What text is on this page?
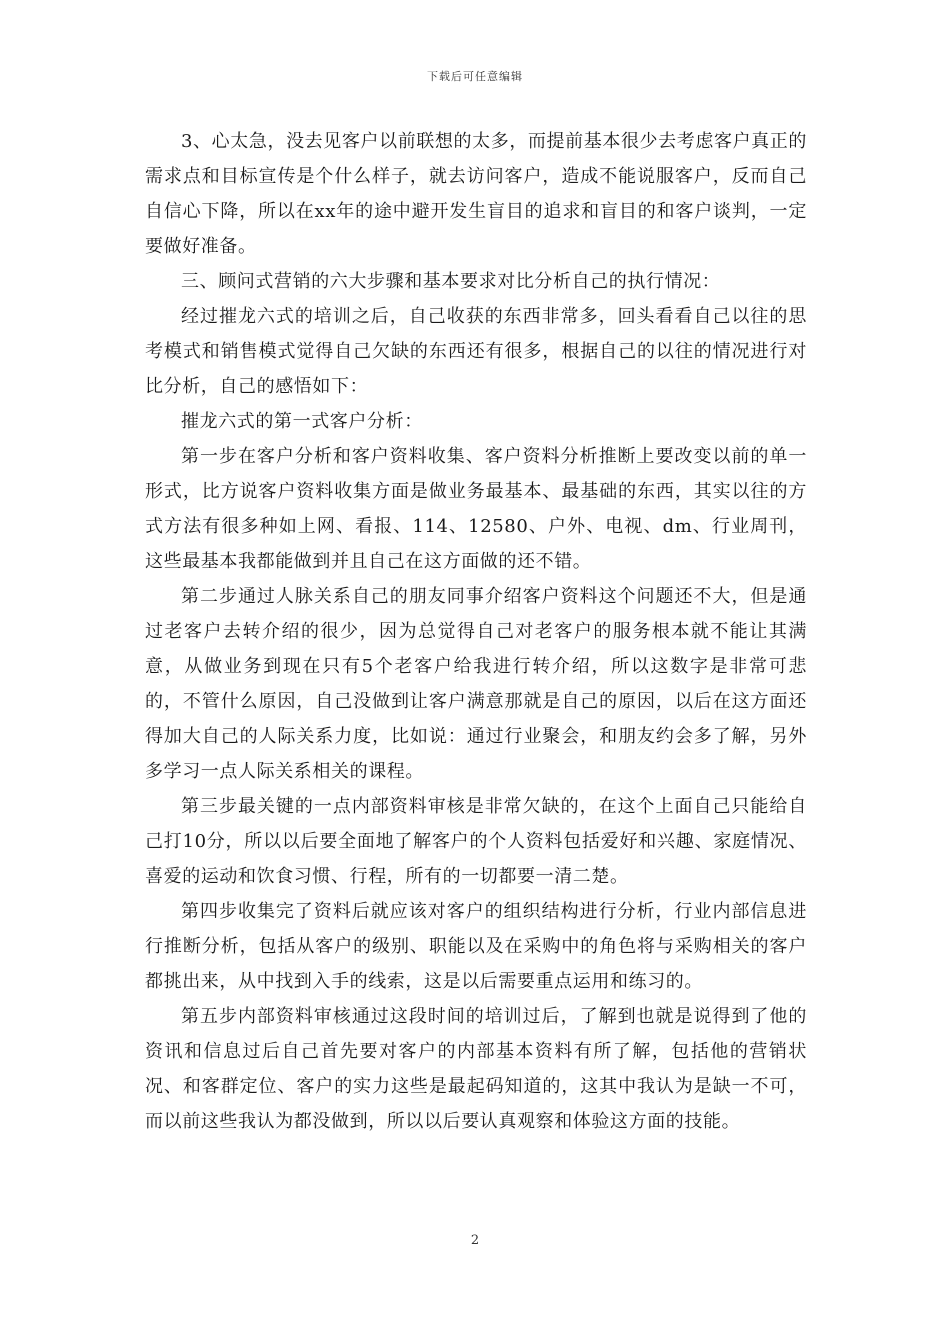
下载后可任意编辑

3、心太急，没去见客户以前联想的太多，而提前基本很少去考虑客户真正的需求点和目标宣传是个什么样子，就去访问客户，造成不能说服客户，反而自己自信心下降，所以在xx年的途中避开发生盲目的追求和盲目的和客户谈判，一定要做好准备。

三、顾问式营销的六大步骤和基本要求对比分析自己的执行情况：

经过摧龙六式的培训之后，自己收获的东西非常多，回头看看自己以往的思考模式和销售模式觉得自己欠缺的东西还有很多，根据自己的以往的情况进行对比分析，自己的感悟如下：

摧龙六式的第一式客户分析：

第一步在客户分析和客户资料收集、客户资料分析推断上要改变以前的单一形式，比方说客户资料收集方面是做业务最基本、最基础的东西，其实以往的方式方法有很多种如上网、看报、114、12580、户外、电视、dm、行业周刊，这些最基本我都能做到并且自己在这方面做的还不错。

第二步通过人脉关系自己的朋友同事介绍客户资料这个问题还不大，但是通过老客户去转介绍的很少，因为总觉得自己对老客户的服务根本就不能让其满意，从做业务到现在只有5个老客户给我进行转介绍，所以这数字是非常可悲的，不管什么原因，自己没做到让客户满意那就是自己的原因，以后在这方面还得加大自己的人际关系力度，比如说：通过行业聚会，和朋友约会多了解，另外多学习一点人际关系相关的课程。

第三步最关键的一点内部资料审核是非常欠缺的，在这个上面自己只能给自己打10分，所以以后要全面地了解客户的个人资料包括爱好和兴趣、家庭情况、喜爱的运动和饮食习惯、行程，所有的一切都要一清二楚。

第四步收集完了资料后就应该对客户的组织结构进行分析，行业内部信息进行推断分析，包括从客户的级别、职能以及在采购中的角色将与采购相关的客户都挑出来，从中找到入手的线索，这是以后需要重点运用和练习的。

第五步内部资料审核通过这段时间的培训过后，了解到也就是说得到了他的资讯和信息过后自己首先要对客户的内部基本资料有所了解，包括他的营销状况、和客群定位、客户的实力这些是最起码知道的，这其中我认为是缺一不可，而以前这些我认为都没做到，所以以后要认真观察和体验这方面的技能。

2
